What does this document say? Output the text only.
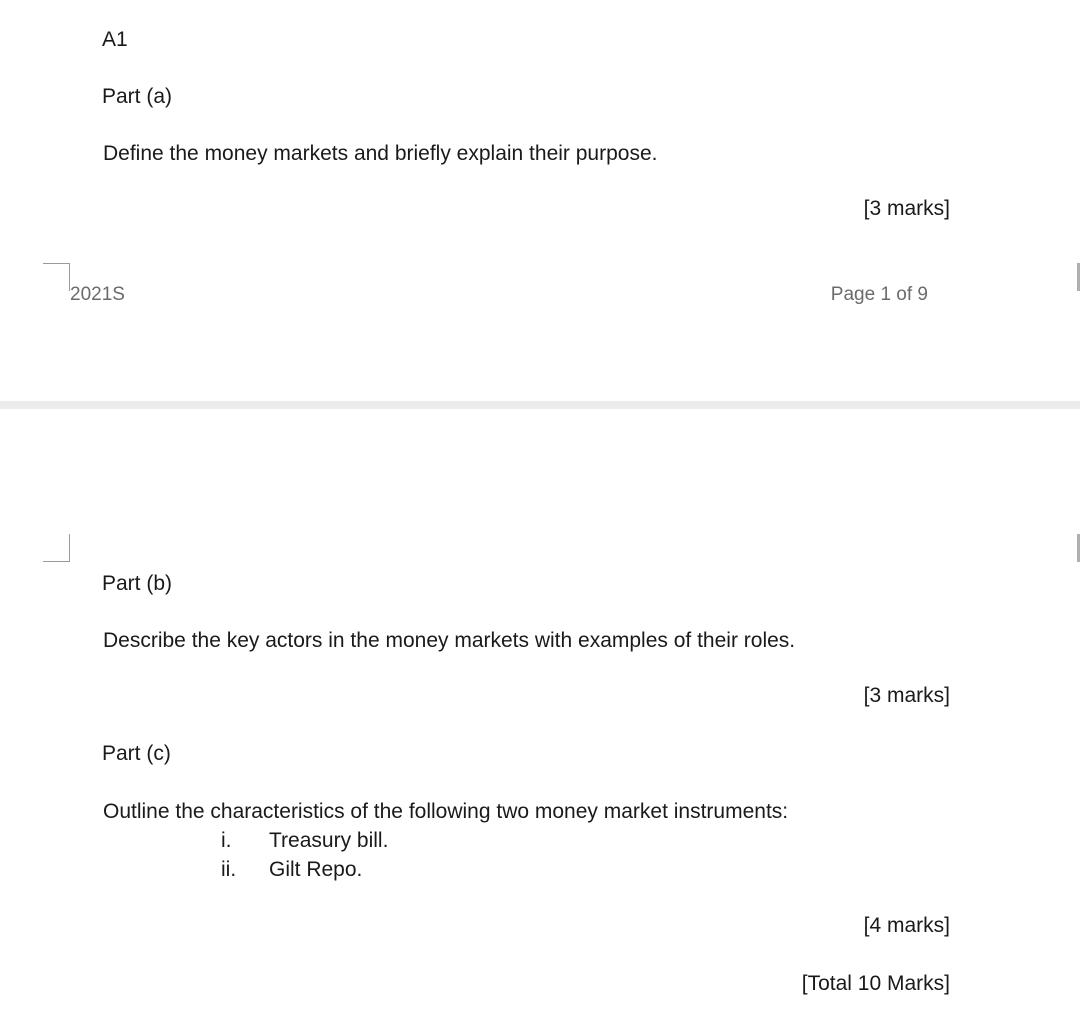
A1
Part (a)
Define the money markets and briefly explain their purpose.
[3 marks]
2021S	Page 1 of 9
Part (b)
Describe the key actors in the money markets with examples of their roles.
[3 marks]
Part (c)
Outline the characteristics of the following two money market instruments:
i. Treasury bill.
ii. Gilt Repo.
[4 marks]
[Total 10 Marks]
